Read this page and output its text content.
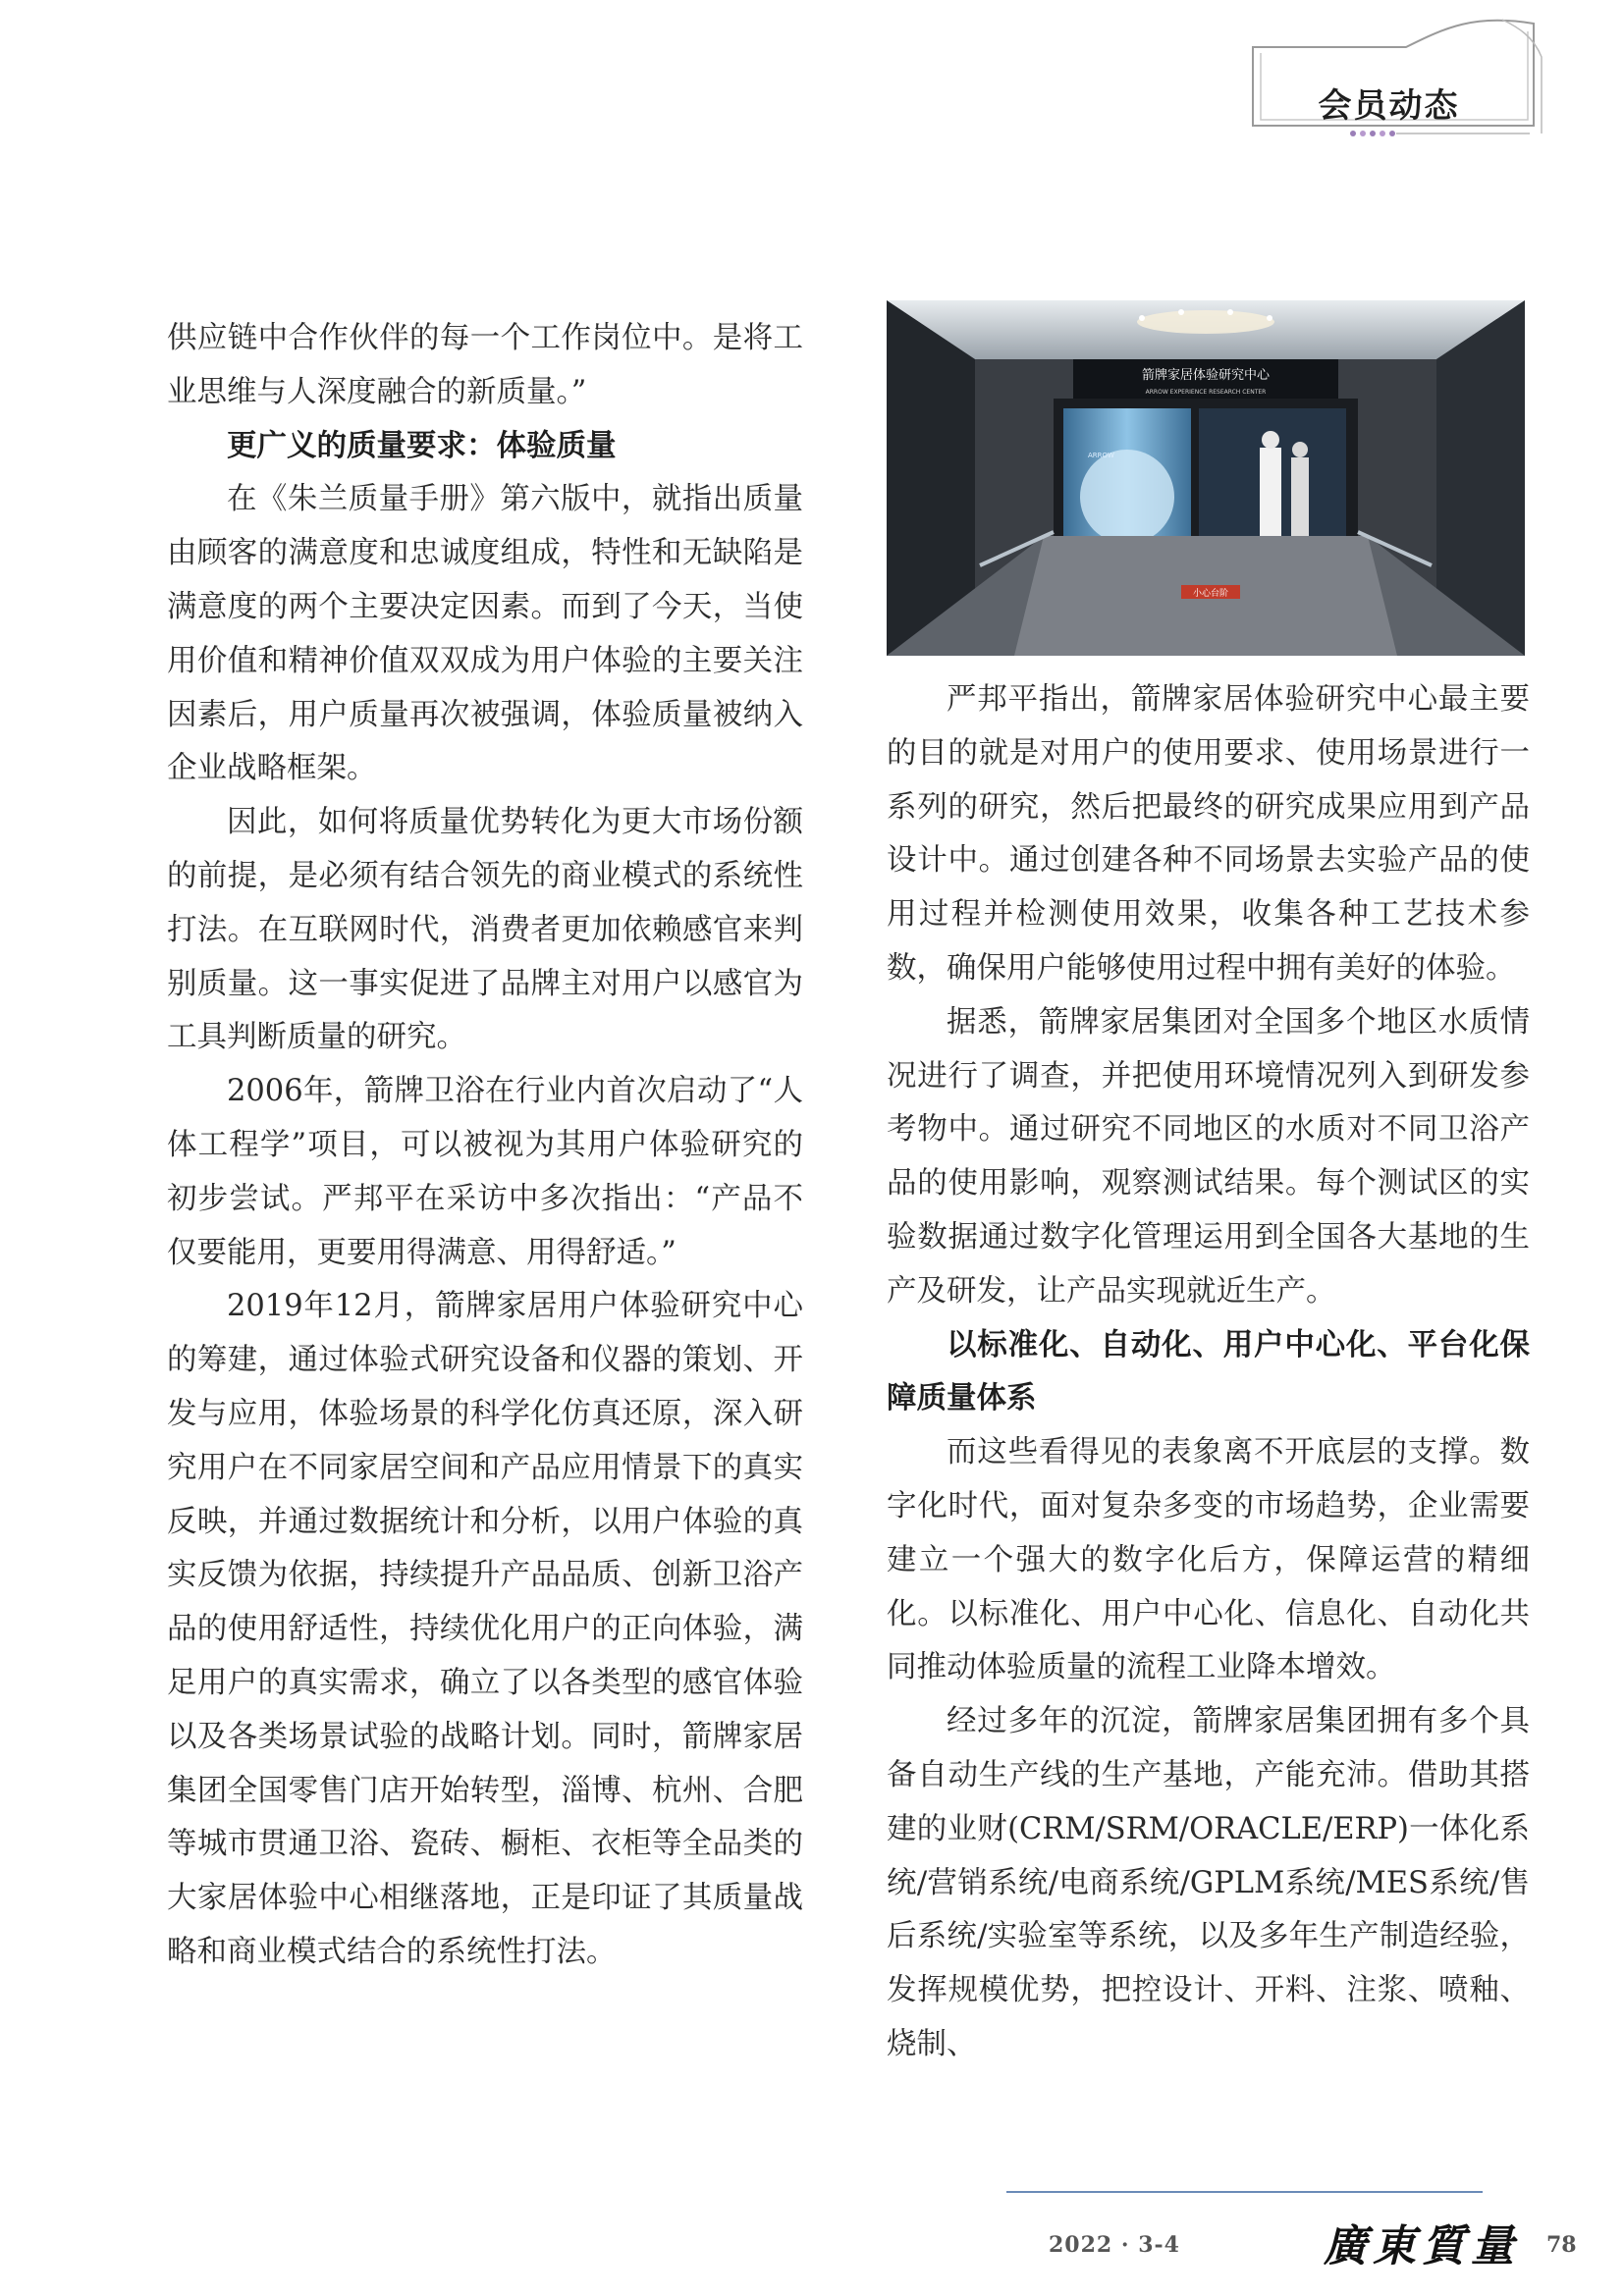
会员动态

供应链中合作伙伴的每一个工作岗位中。是将工业思维与人深度融合的新质量。”

更广义的质量要求：体验质量

在《朱兰质量手册》第六版中，就指出质量由顾客的满意度和忠诚度组成，特性和无缺陷是满意度的两个主要决定因素。而到了今天，当使用价值和精神价值双双成为用户体验的主要关注因素后，用户质量再次被强调，体验质量被纳入企业战略框架。

因此，如何将质量优势转化为更大市场份额的前提，是必须有结合领先的商业模式的系统性打法。在互联网时代，消费者更加依赖感官来判别质量。这一事实促进了品牌主对用户以感官为工具判断质量的研究。

2006年，箭牌卫浴在行业内首次启动了“人体工程学”项目，可以被视为其用户体验研究的初步尝试。严邦平在采访中多次指出：“产品不仅要能用，更要用得满意、用得舒适。”

2019年12月，箭牌家居用户体验研究中心的筹建，通过体验式研究设备和仪器的策划、开发与应用，体验场景的科学化仿真还原，深入研究用户在不同家居空间和产品应用情景下的真实反映，并通过数据统计和分析，以用户体验的真实反馈为依据，持续提升产品品质、创新卫浴产品的使用舒适性，持续优化用户的正向体验，满足用户的真实需求，确立了以各类型的感官体验以及各类场景试验的战略计划。同时，箭牌家居集团全国零售门店开始转型，淄博、杭州、合肥等城市贯通卫浴、瓷砖、橱柜、衣柜等全品类的大家居体验中心相继落地，正是印证了其质量战略和商业模式结合的系统性打法。

箭牌家居体验研究中心
ARROW EXPERIENCE RESEARCH CENTER
ARROW
小心台阶

严邦平指出，箭牌家居体验研究中心最主要的目的就是对用户的使用要求、使用场景进行一系列的研究，然后把最终的研究成果应用到产品设计中。通过创建各种不同场景去实验产品的使用过程并检测使用效果，收集各种工艺技术参数，确保用户能够使用过程中拥有美好的体验。

据悉，箭牌家居集团对全国多个地区水质情况进行了调查，并把使用环境情况列入到研发参考物中。通过研究不同地区的水质对不同卫浴产品的使用影响，观察测试结果。每个测试区的实验数据通过数字化管理运用到全国各大基地的生产及研发，让产品实现就近生产。

以标准化、自动化、用户中心化、平台化保障质量体系

而这些看得见的表象离不开底层的支撑。数字化时代，面对复杂多变的市场趋势，企业需要建立一个强大的数字化后方，保障运营的精细化。以标准化、用户中心化、信息化、自动化共同推动体验质量的流程工业降本增效。

经过多年的沉淀，箭牌家居集团拥有多个具备自动生产线的生产基地，产能充沛。借助其搭建的业财(CRM/SRM/ORACLE/ERP)一体化系统/营销系统/电商系统/GPLM系统/MES系统/售后系统/实验室等系统，以及多年生产制造经验，发挥规模优势，把控设计、开料、注浆、喷釉、烧制、

2022 · 3-4	廣東質量 78
